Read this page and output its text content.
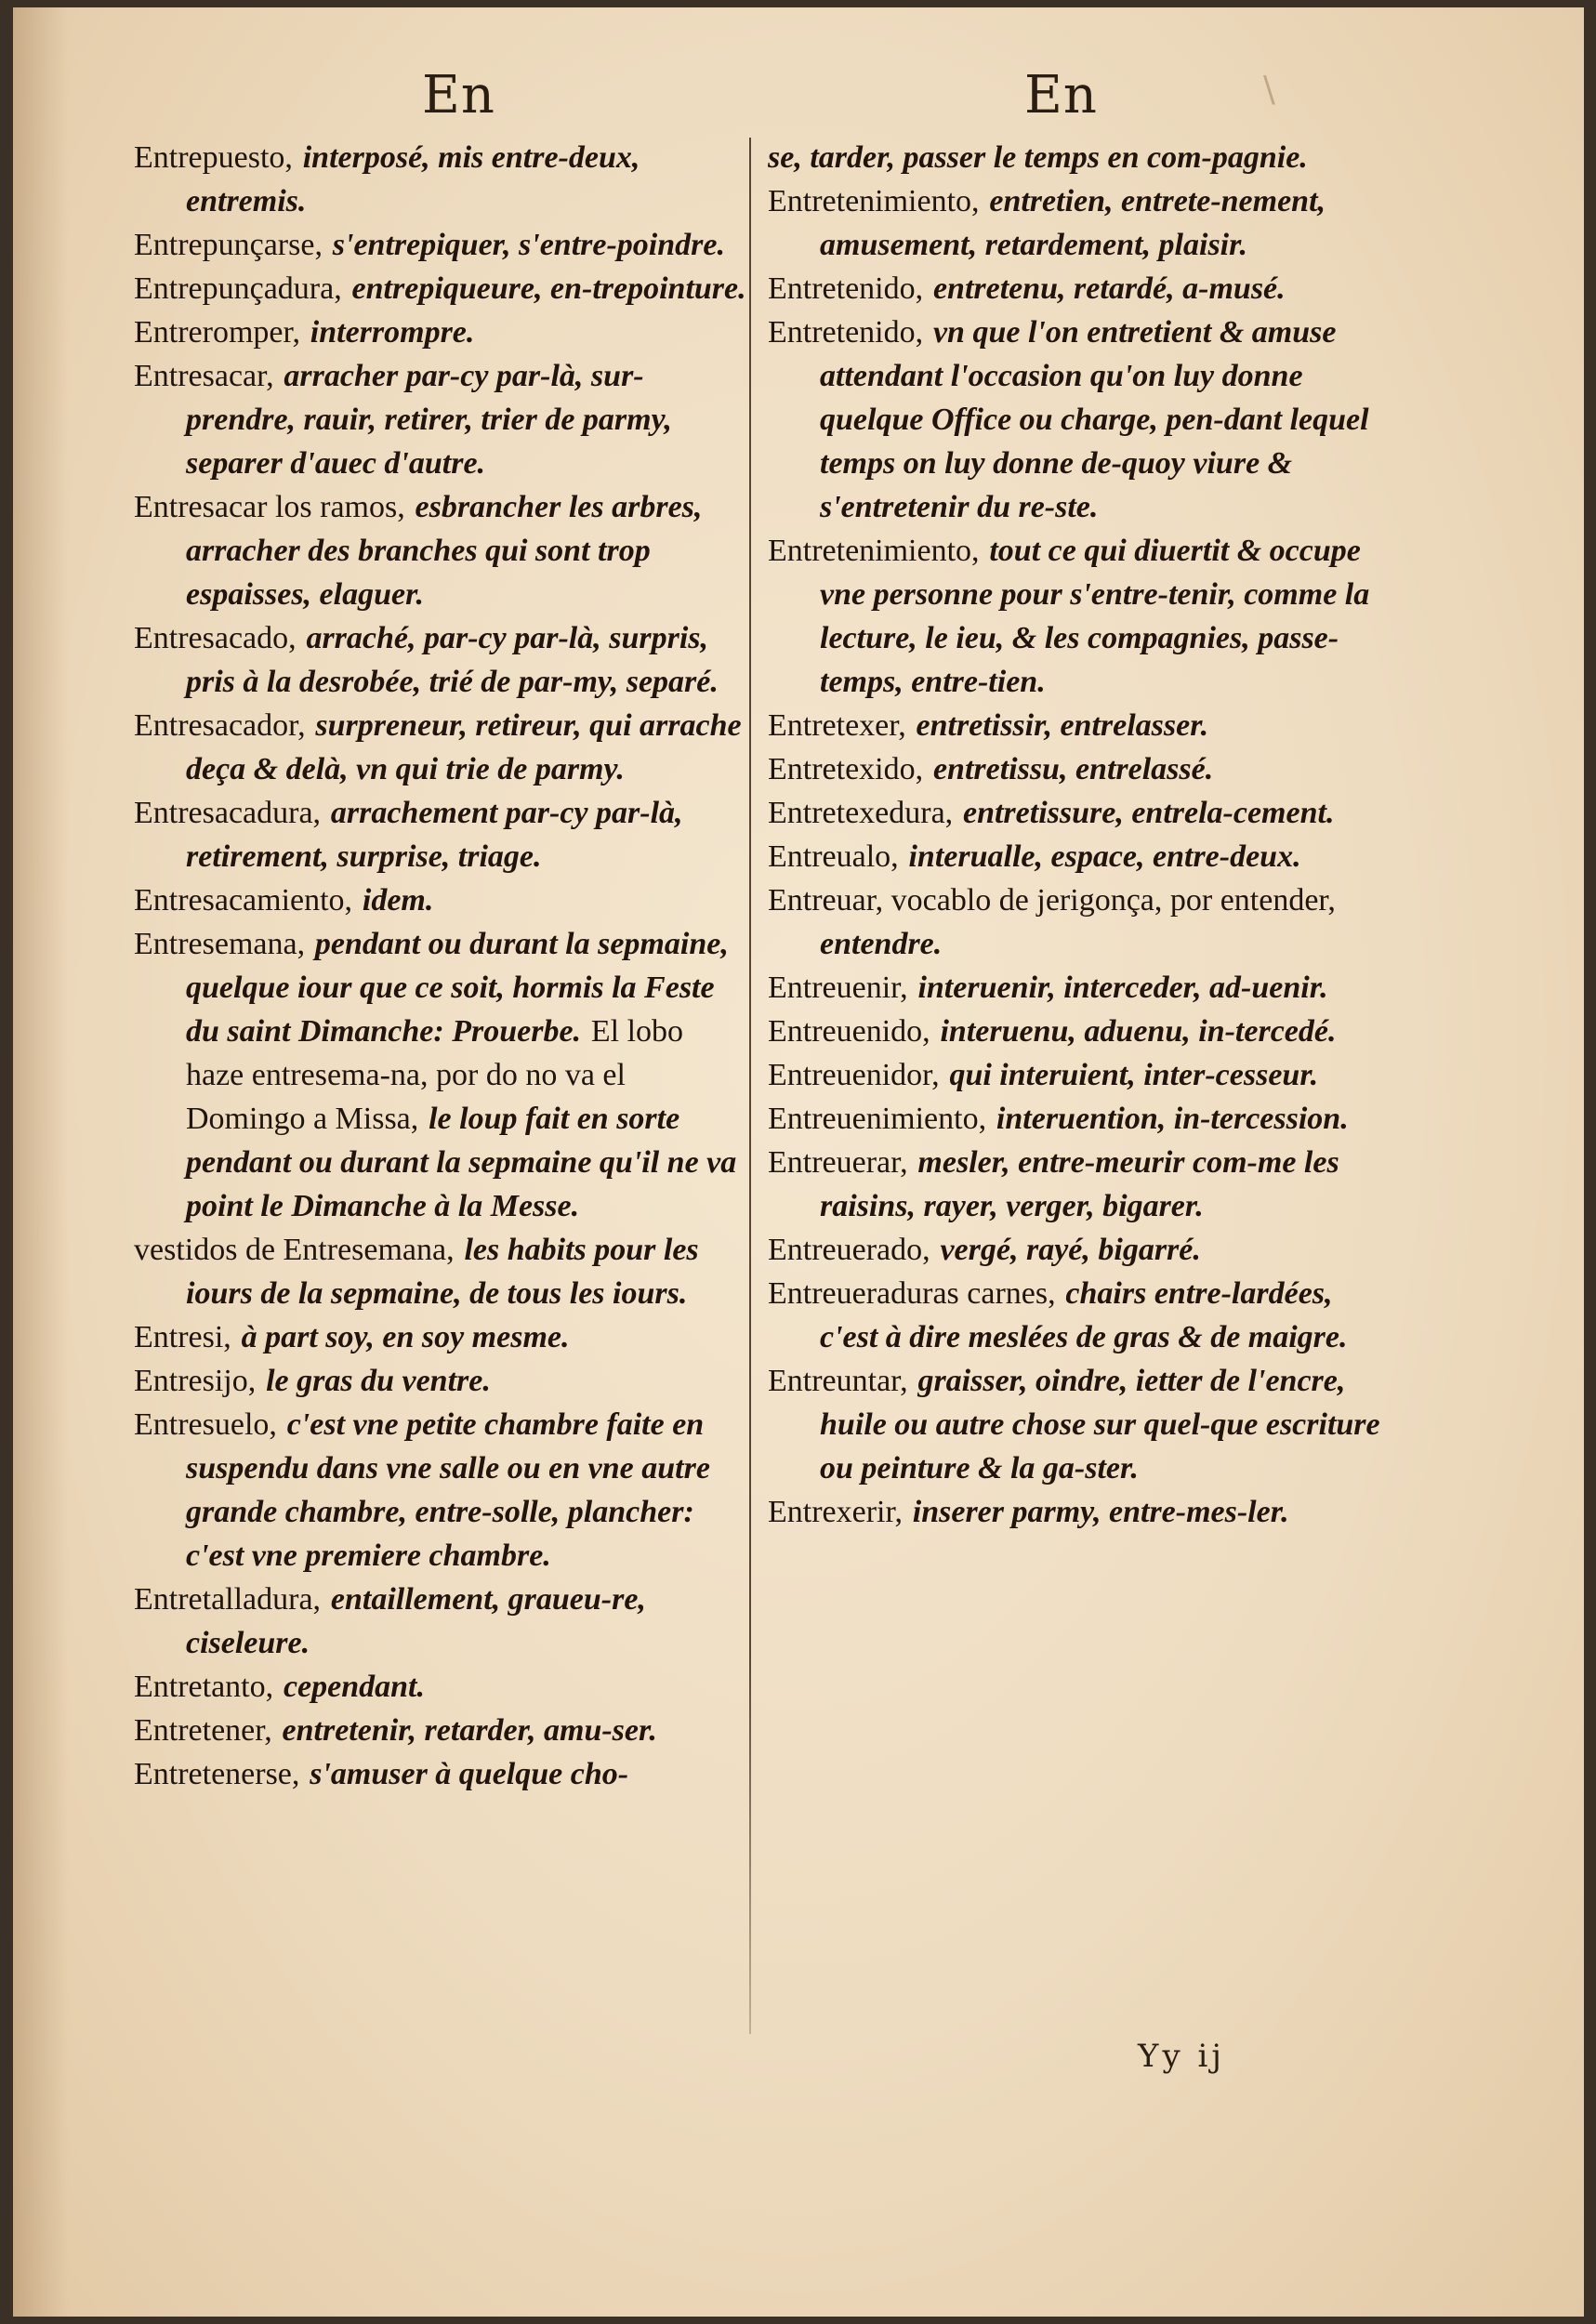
En	En	\

Entrepuesto, interposé, mis entre-deux, entremis.

Entrepunçarse, s'entrepiquer, s'entre-poindre.

Entrepunçadura, entrepiqueure, en-trepointure.

Entreromper, interrompre.

Entresacar, arracher par-cy par-là, sur-prendre, rauir, retirer, trier de parmy, separer d'auec d'autre.

Entresacar los ramos, esbrancher les arbres, arracher des branches qui sont trop espaisses, elaguer.

Entresacado, arraché, par-cy par-là, surpris, pris à la desrobée, trié de par-my, separé.

Entresacador, surpreneur, retireur, qui arrache deça & delà, vn qui trie de parmy.

Entresacadura, arrachement par-cy par-là, retirement, surprise, triage.

Entresacamiento, idem.

Entresemana, pendant ou durant la sepmaine, quelque iour que ce soit, hormis la Feste du saint Dimanche: Prouerbe. El lobo haze entresema-na, por do no va el Domingo a Missa, le loup fait en sorte pendant ou durant la sepmaine qu'il ne va point le Dimanche à la Messe.

vestidos de Entresemana, les habits pour les iours de la sepmaine, de tous les iours.

Entresi, à part soy, en soy mesme.

Entresijo, le gras du ventre.

Entresuelo, c'est vne petite chambre faite en suspendu dans vne salle ou en vne autre grande chambre, entre-solle, plancher: c'est vne premiere chambre.

Entretalladura, entaillement, graueu-re, ciseleure.

Entretanto, cependant.

Entretener, entretenir, retarder, amu-ser.

Entretenerse, s'amuser à quelque cho-

se, tarder, passer le temps en com-pagnie.

Entretenimiento, entretien, entrete-nement, amusement, retardement, plaisir.

Entretenido, entretenu, retardé, a-musé.

Entretenido, vn que l'on entretient & amuse attendant l'occasion qu'on luy donne quelque Office ou charge, pen-dant lequel temps on luy donne de-quoy viure & s'entretenir du re-ste.

Entretenimiento, tout ce qui diuertit & occupe vne personne pour s'entre-tenir, comme la lecture, le ieu, & les compagnies, passe-temps, entre-tien.

Entretexer, entretissir, entrelasser.

Entretexido, entretissu, entrelassé.

Entretexedura, entretissure, entrela-cement.

Entreualo, interualle, espace, entre-deux.

Entreuar, vocablo de jerigonça, por entender, entendre.

Entreuenir, interuenir, interceder, ad-uenir.

Entreuenido, interuenu, aduenu, in-tercedé.

Entreuenidor, qui interuient, inter-cesseur.

Entreuenimiento, interuention, in-tercession.

Entreuerar, mesler, entre-meurir com-me les raisins, rayer, verger, bigarer.

Entreuerado, vergé, rayé, bigarré.

Entreueraduras carnes, chairs entre-lardées, c'est à dire meslées de gras & de maigre.

Entreuntar, graisser, oindre, ietter de l'encre, huile ou autre chose sur quel-que escriture ou peinture & la ga-ster.

Entrexerir, inserer parmy, entre-mes-ler.

Yy ij
